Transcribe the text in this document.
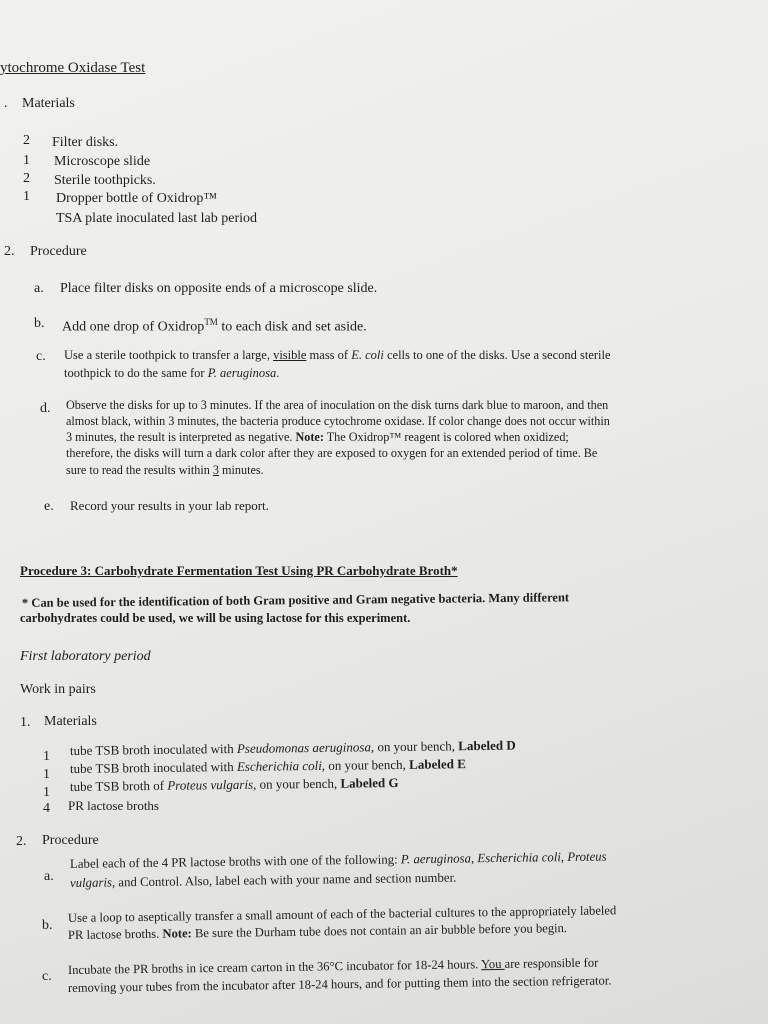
ytochrome Oxidase Test
. Materials
2 Filter disks.
1 Microscope slide
2 Sterile toothpicks.
1 Dropper bottle of Oxidrop™
TSA plate inoculated last lab period
2. Procedure
a. Place filter disks on opposite ends of a microscope slide.
b. Add one drop of Oxidrop™ to each disk and set aside.
c. Use a sterile toothpick to transfer a large, visible mass of E. coli cells to one of the disks. Use a second sterile
toothpick to do the same for P. aeruginosa.
d. Observe the disks for up to 3 minutes. If the area of inoculation on the disk turns dark blue to maroon, and then
almost black, within 3 minutes, the bacteria produce cytochrome oxidase. If color change does not occur within
3 minutes, the result is interpreted as negative. Note: The Oxidrop™ reagent is colored when oxidized;
therefore, the disks will turn a dark color after they are exposed to oxygen for an extended period of time. Be
sure to read the results within 3 minutes.
e. Record your results in your lab report.
Procedure 3: Carbohydrate Fermentation Test Using PR Carbohydrate Broth*
* Can be used for the identification of both Gram positive and Gram negative bacteria. Many different
carbohydrates could be used, we will be using lactose for this experiment.
First laboratory period
Work in pairs
1. Materials
1 tube TSB broth inoculated with Pseudomonas aeruginosa, on your bench, Labeled D
1 tube TSB broth inoculated with Escherichia coli, on your bench, Labeled E
1 tube TSB broth of Proteus vulgaris, on your bench, Labeled G
4 PR lactose broths
2. Procedure
a.
Label each of the 4 PR lactose broths with one of the following: P. aeruginosa, Escherichia coli, Proteus
vulgaris, and Control. Also, label each with your name and section number.
b.
Use a loop to aseptically transfer a small amount of each of the bacterial cultures to the appropriately labeled
PR lactose broths. Note: Be sure the Durham tube does not contain an air bubble before you begin.
c. Incubate the PR broths in ice cream carton in the 36°C incubator for 18-24 hours. You are responsible for
removing your tubes from the incubator after 18-24 hours, and for putting them into the section refrigerator.
